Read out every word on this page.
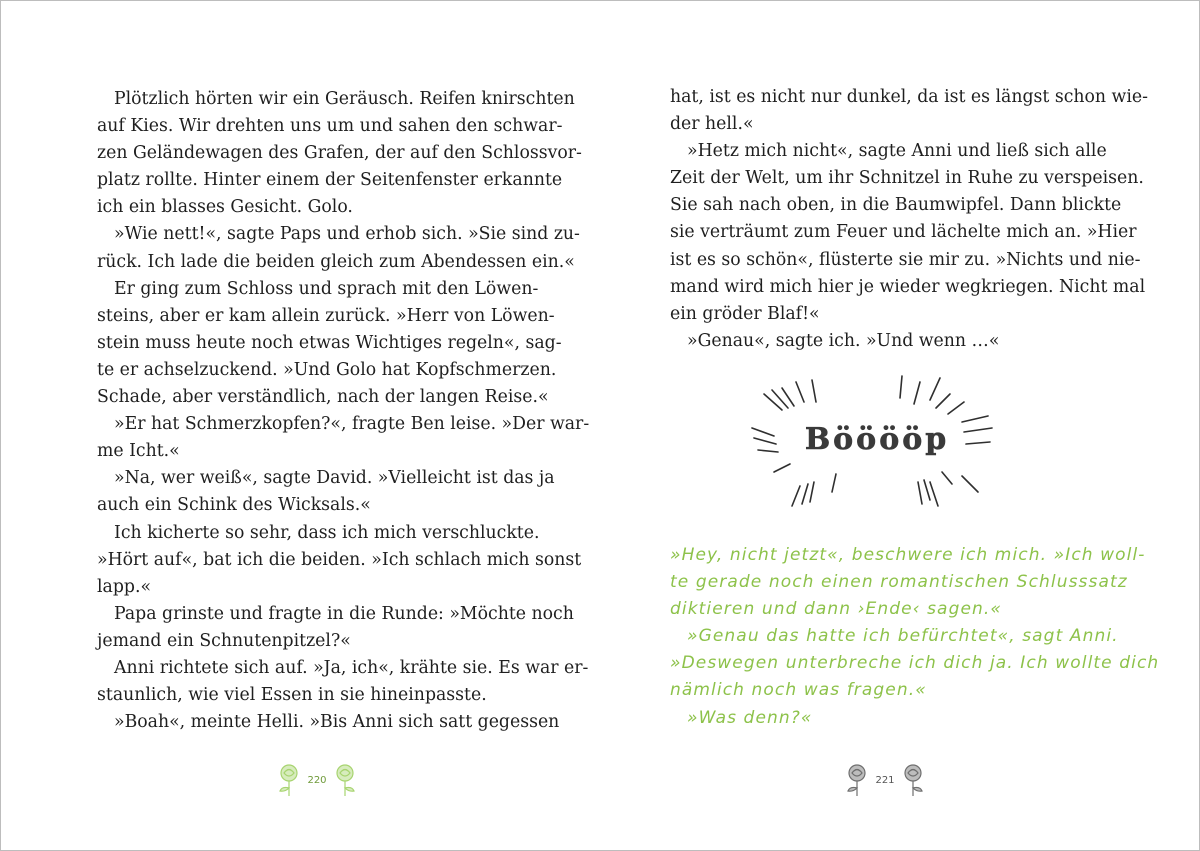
Plötzlich hörten wir ein Geräusch. Reifen knirschten
auf Kies. Wir drehten uns um und sahen den schwar-
zen Geländewagen des Grafen, der auf den Schlossvor-
platz rollte. Hinter einem der Seitenfenster erkannte
ich ein blasses Gesicht. Golo.
»Wie nett!«, sagte Paps und erhob sich. »Sie sind zu-
rück. Ich lade die beiden gleich zum Abendessen ein.«
Er ging zum Schloss und sprach mit den Löwen-
steins, aber er kam allein zurück. »Herr von Löwen-
stein muss heute noch etwas Wichtiges regeln«, sag-
te er achselzuckend. »Und Golo hat Kopfschmerzen.
Schade, aber verständlich, nach der langen Reise.«
»Er hat Schmerzkopfen?«, fragte Ben leise. »Der war-
me Icht.«
»Na, wer weiß«, sagte David. »Vielleicht ist das ja
auch ein Schink des Wicksals.«
Ich kicherte so sehr, dass ich mich verschluckte.
»Hört auf«, bat ich die beiden. »Ich schlach mich sonst
lapp.«
Papa grinste und fragte in die Runde: »Möchte noch
jemand ein Schnutenpitzel?«
Anni richtete sich auf. »Ja, ich«, krähte sie. Es war er-
staunlich, wie viel Essen in sie hineinpasste.
»Boah«, meinte Helli. »Bis Anni sich satt gegessen
220
hat, ist es nicht nur dunkel, da ist es längst schon wie-
der hell.«
»Hetz mich nicht«, sagte Anni und ließ sich alle
Zeit der Welt, um ihr Schnitzel in Ruhe zu verspeisen.
Sie sah nach oben, in die Baumwipfel. Dann blickte
sie verträumt zum Feuer und lächelte mich an. »Hier
ist es so schön«, flüsterte sie mir zu. »Nichts und nie-
mand wird mich hier je wieder wegkriegen. Nicht mal
ein gröder Blaf!«
»Genau«, sagte ich. »Und wenn …«
Bööööp
»Hey, nicht jetzt«, beschwere ich mich. »Ich woll-
te gerade noch einen romantischen Schlusssatz
diktieren und dann ›Ende‹ sagen.«
»Genau das hatte ich befürchtet«, sagt Anni.
»Deswegen unterbreche ich dich ja. Ich wollte dich
nämlich noch was fragen.«
»Was denn?«
221
